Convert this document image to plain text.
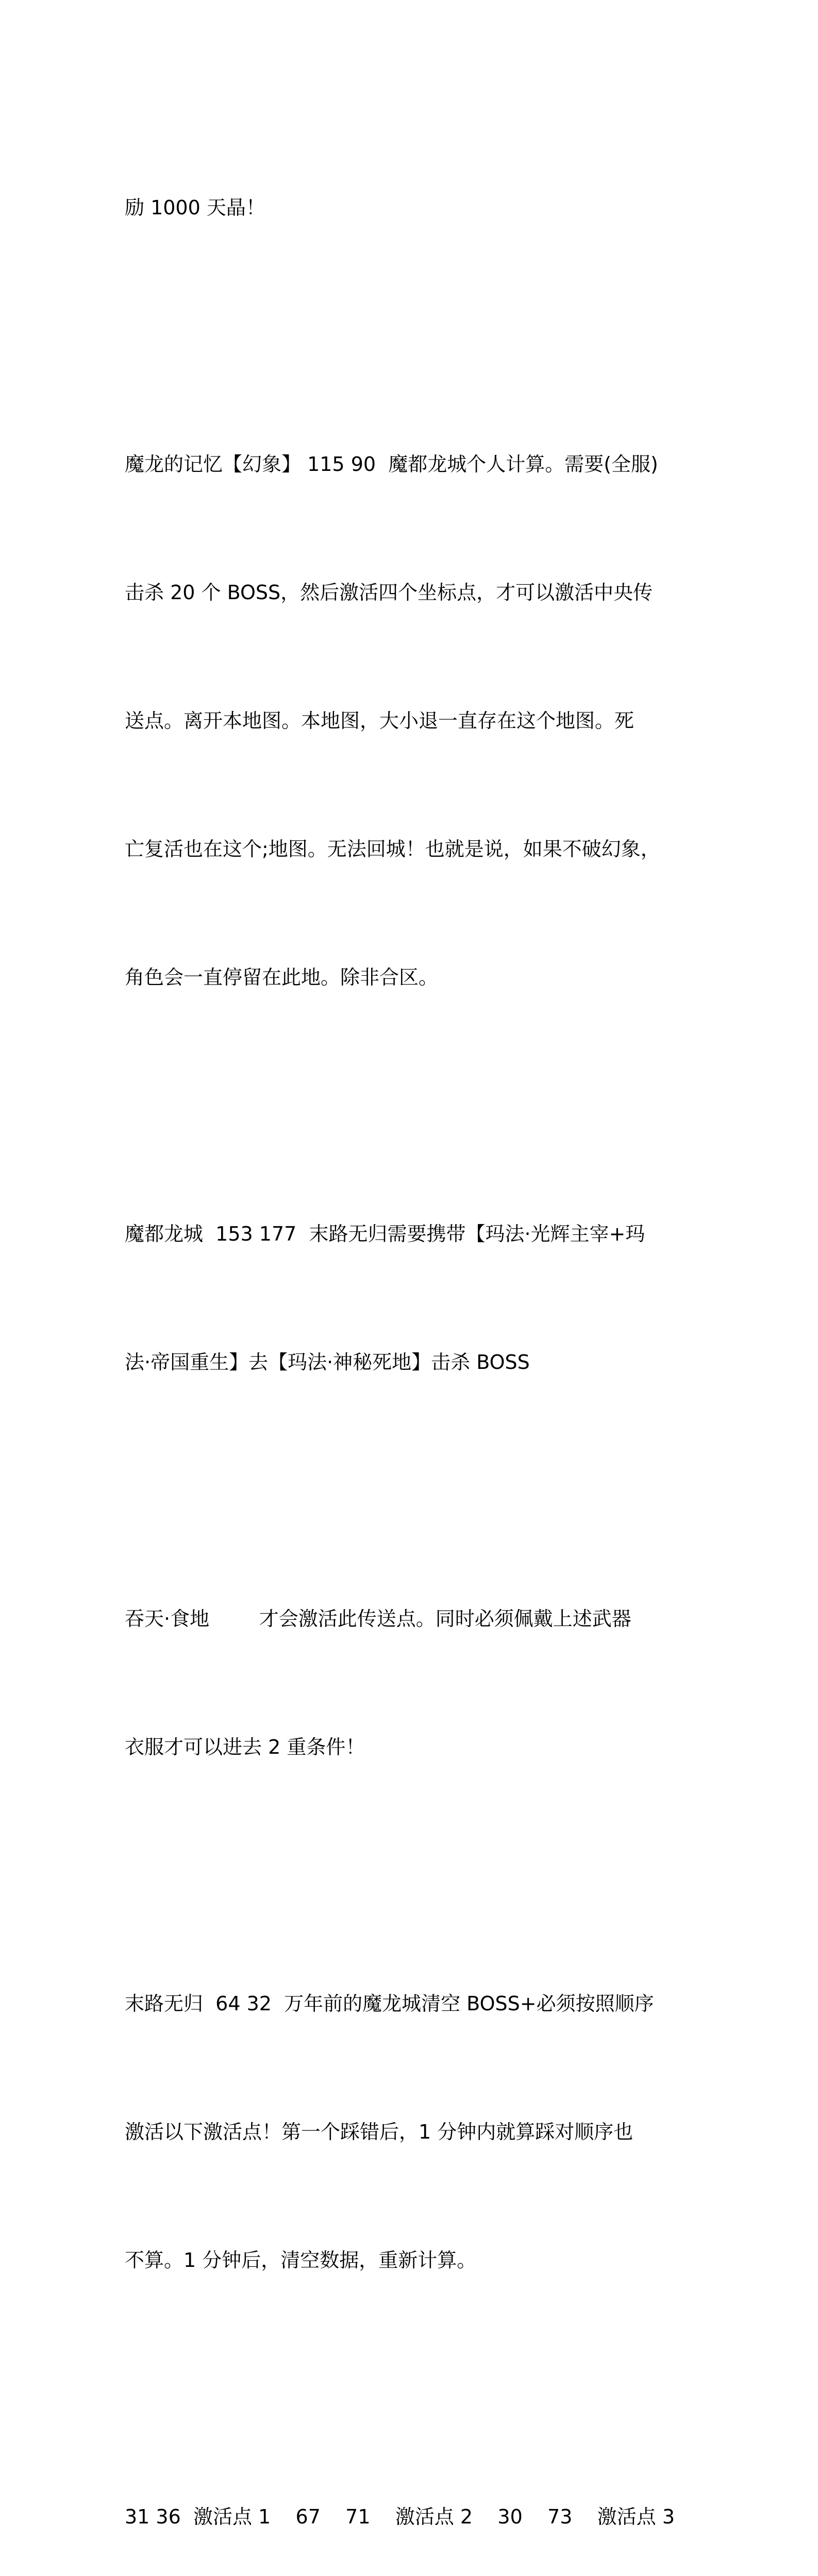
励 1000 天晶！

魔龙的记忆【幻象】 115 90  魔都龙城个人计算。需要(全服)

击杀 20 个 BOSS，然后激活四个坐标点，才可以激活中央传

送点。离开本地图。本地图，大小退一直存在这个地图。死

亡复活也在这个;地图。无法回城！也就是说，如果不破幻象，

角色会一直停留在此地。除非合区。

魔都龙城  153 177  末路无归需要携带【玛法·光辉主宰+玛

法·帝国重生】去【玛法·神秘死地】击杀 BOSS

吞天·食地        才会激活此传送点。同时必须佩戴上述武器

衣服才可以进去 2 重条件！

末路无归  64 32  万年前的魔龙城清空 BOSS+必须按照顺序

激活以下激活点！第一个踩错后，1 分钟内就算踩对顺序也

不算。1 分钟后，清空数据，重新计算。

31 36  激活点 1    67    71    激活点 2    30    73    激活点 3
